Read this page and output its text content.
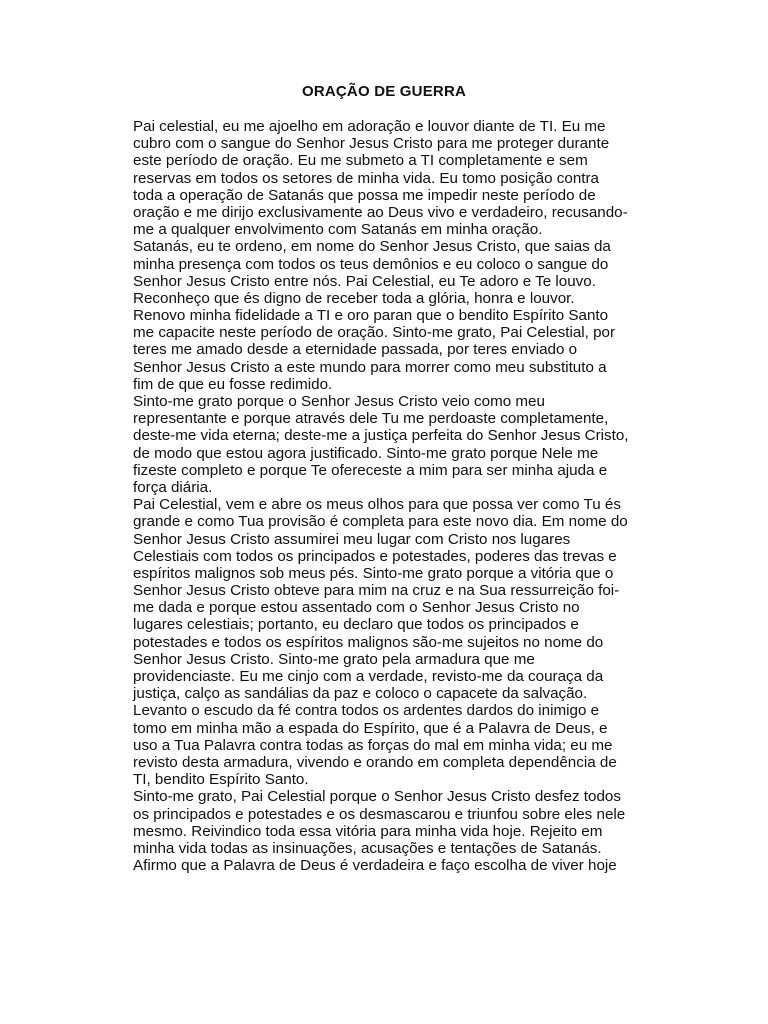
ORAÇÃO DE GUERRA
Pai celestial, eu me ajoelho em adoração e louvor diante de TI. Eu me
cubro com o sangue do Senhor Jesus Cristo para me proteger durante
este período de oração. Eu me submeto a TI completamente e sem
reservas em todos os setores de minha vida. Eu tomo posição contra
toda a operação de Satanás que possa me impedir neste período de
oração e me dirijo exclusivamente ao Deus vivo e verdadeiro, recusando-
me a qualquer envolvimento com Satanás em minha oração.
Satanás, eu te ordeno, em nome do Senhor Jesus Cristo, que saias da
minha presença com todos os teus demônios e eu coloco o sangue do
Senhor Jesus Cristo entre nós. Pai Celestial, eu Te adoro e Te louvo.
Reconheço que és digno de receber toda a glória, honra e louvor.
Renovo minha fidelidade a TI e oro paran que o bendito Espírito Santo
me capacite neste período de oração. Sinto-me grato, Pai Celestial, por
teres me amado desde a eternidade passada, por teres enviado o
Senhor Jesus Cristo a este mundo para morrer como meu substituto a
fim de que eu fosse redimido.
Sinto-me grato porque o Senhor Jesus Cristo veio como meu
representante e porque através dele Tu me perdoaste completamente,
deste-me vida eterna; deste-me a justiça perfeita do Senhor Jesus Cristo,
de modo que estou agora justificado. Sinto-me grato porque Nele me
fizeste completo e porque Te ofereceste a mim para ser minha ajuda e
força diária.
Pai Celestial, vem e abre os meus olhos para que possa ver como Tu és
grande e como Tua provisão é completa para este novo dia. Em nome do
Senhor Jesus Cristo assumirei meu lugar com Cristo nos lugares
Celestiais com todos os principados e potestades, poderes das trevas e
espíritos malignos sob meus pés. Sinto-me grato porque a vitória que o
Senhor Jesus Cristo obteve para mim na cruz e na Sua ressurreição foi-
me dada e porque estou assentado com o Senhor Jesus Cristo no
lugares celestiais; portanto, eu declaro que todos os principados e
potestades e todos os espíritos malignos são-me sujeitos no nome do
Senhor Jesus Cristo. Sinto-me grato pela armadura que me
providenciaste. Eu me cinjo com a verdade, revisto-me da couraça da
justiça, calço as sandálias da paz e coloco o capacete da salvação.
Levanto o escudo da fé contra todos os ardentes dardos do inimigo e
tomo em minha mão a espada do Espírito, que é a Palavra de Deus, e
uso a Tua Palavra contra todas as forças do mal em minha vida; eu me
revisto desta armadura, vivendo e orando em completa dependência de
TI, bendito Espírito Santo.
Sinto-me grato, Pai Celestial porque o Senhor Jesus Cristo desfez todos
os principados e potestades e os desmascarou e triunfou sobre eles nele
mesmo. Reivindico toda essa vitória para minha vida hoje. Rejeito em
minha vida todas as insinuações, acusações e tentações de Satanás.
Afirmo que a Palavra de Deus é verdadeira e faço escolha de viver hoje
